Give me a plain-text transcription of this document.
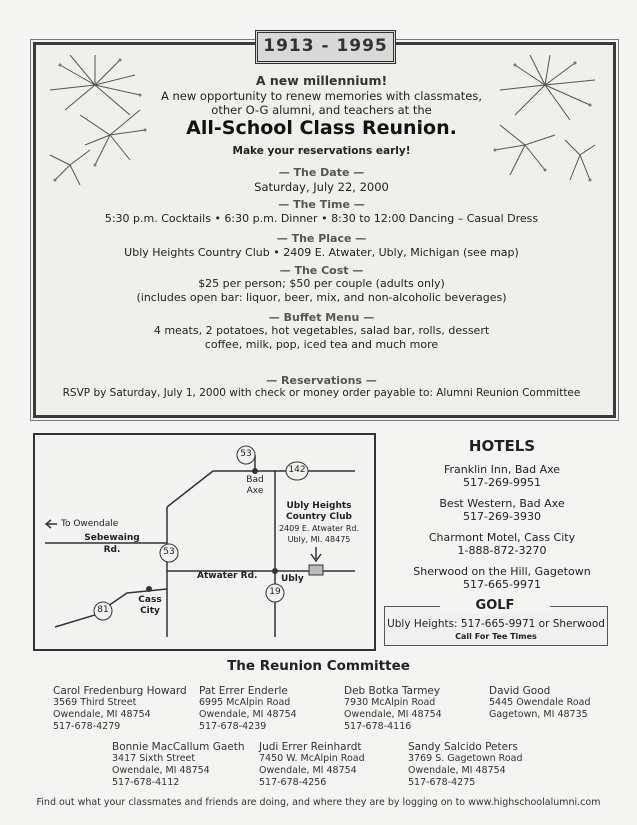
1913 - 1995
A new millennium!
A new opportunity to renew memories with classmates,
other O-G alumni, and teachers at the
All-School Class Reunion.
Make your reservations early!
— The Date —
Saturday, July 22, 2000
— The Time —
5:30 p.m. Cocktails • 6:30 p.m. Dinner • 8:30 to 12:00 Dancing – Casual Dress
— The Place —
Ubly Heights Country Club • 2409 E. Atwater, Ubly, Michigan (see map)
— The Cost —
$25 per person; $50 per couple (adults only)
(includes open bar: liquor, beer, mix, and non-alcoholic beverages)
— Buffet Menu —
4 meats, 2 potatoes, hot vegetables, salad bar, rolls, dessert
coffee, milk, pop, iced tea and much more
— Reservations —
RSVP by Saturday, July 1, 2000 with check or money order payable to: Alumni Reunion Committee
53
142
53
19
81
Bad
Axe
To Owendale
Sebewaing
Rd.
Atwater Rd.	Ubly
Cass
City
Ubly Heights
Country Club
2409 E. Atwater Rd.
Ubly, MI. 48475
HOTELS
Franklin Inn, Bad Axe
517-269-9951
Best Western, Bad Axe
517-269-3930
Charmont Motel, Cass City
1-888-872-3270
Sherwood on the Hill, Gagetown
517-665-9971
GOLF
Ubly Heights: 517-665-9971 or Sherwood
Call For Tee Times
The Reunion Committee
Carol Fredenburg Howard
3569 Third Street
Owendale, MI 48754
517-678-4279
Pat Errer Enderle
6995 McAlpin Road
Owendale, MI 48754
517-678-4239
Deb Botka Tarmey
7930 McAlpin Road
Owendale, MI 48754
517-678-4116
David Good
5445 Owendale Road
Gagetown, MI 48735
Bonnie MacCallum Gaeth
3417 Sixth Street
Owendale, MI 48754
517-678-4112
Judi Errer Reinhardt
7450 W. McAlpin Road
Owendale, MI 48754
517-678-4256
Sandy Salcido Peters
3769 S. Gagetown Road
Owendale, MI 48754
517-678-4275
Find out what your classmates and friends are doing, and where they are by logging on to www.highschoolalumni.com
